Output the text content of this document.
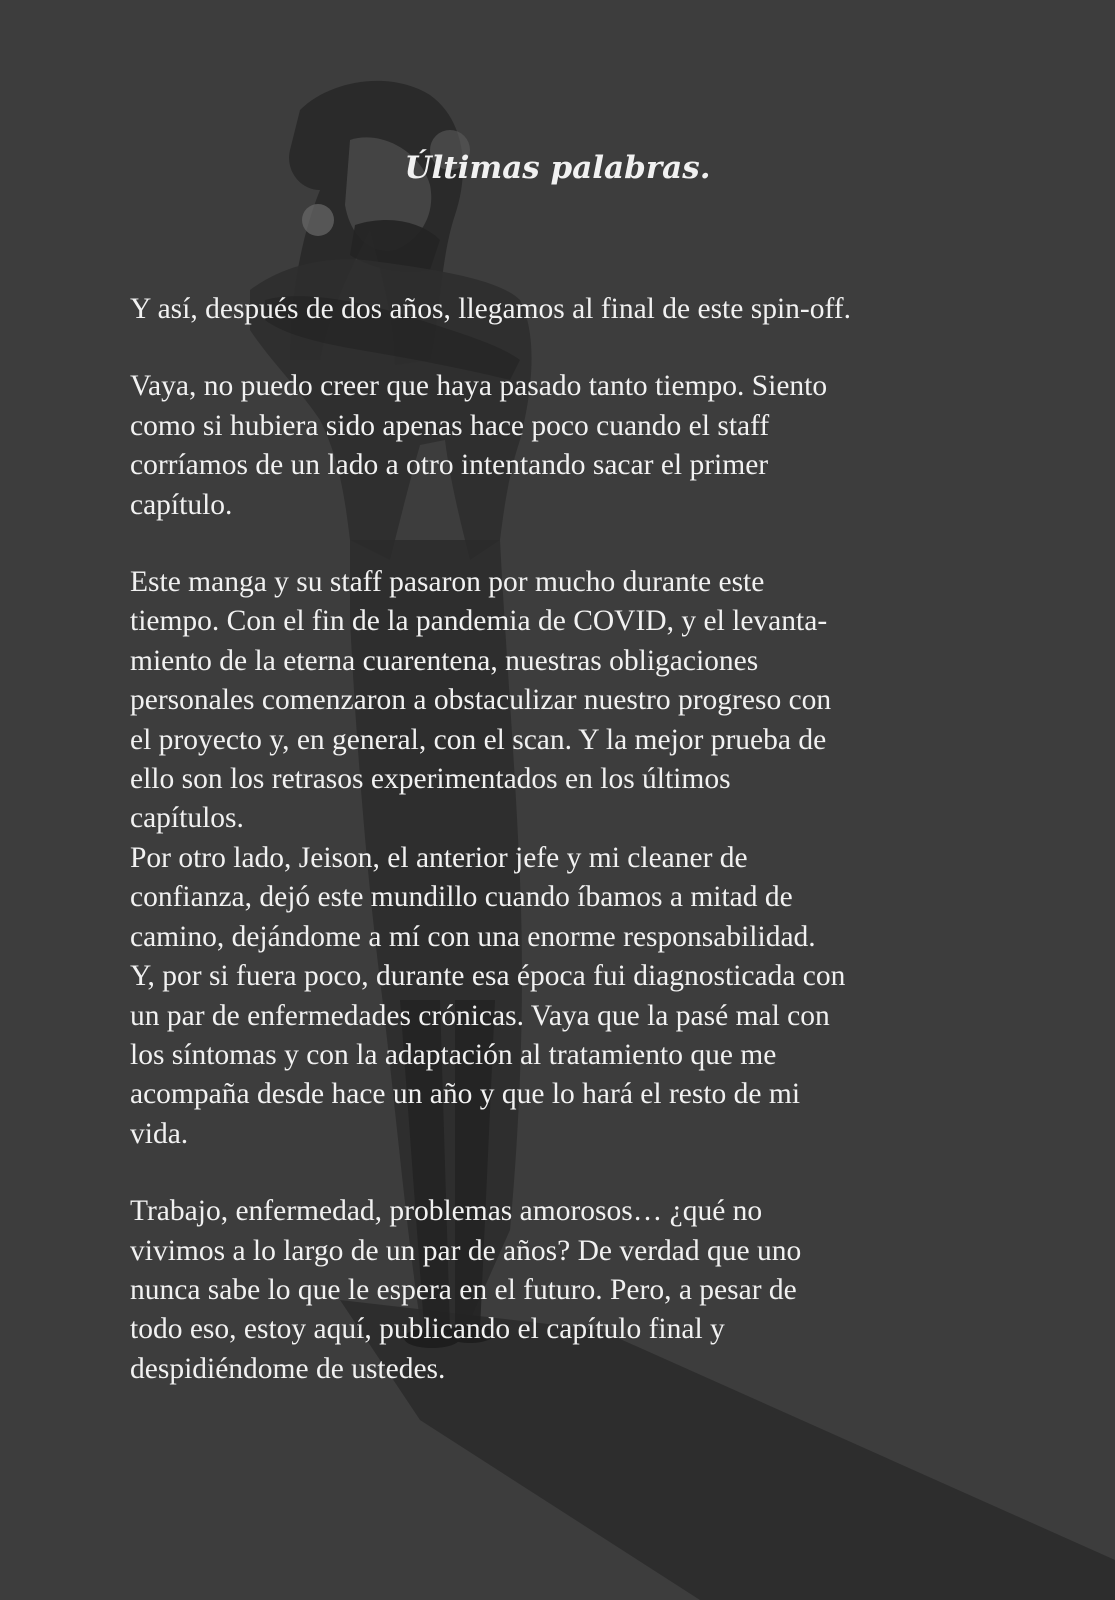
Últimas palabras.

Y así, después de dos años, llegamos al final de este spin-off.

Vaya, no puedo creer que haya pasado tanto tiempo. Siento
como si hubiera sido apenas hace poco cuando el staff
corríamos de un lado a otro intentando sacar el primer
capítulo.

Este manga y su staff pasaron por mucho durante este
tiempo. Con el fin de la pandemia de COVID, y el levanta-
miento de la eterna cuarentena, nuestras obligaciones
personales comenzaron a obstaculizar nuestro progreso con
el proyecto y, en general, con el scan. Y la mejor prueba de
ello son los retrasos experimentados en los últimos
capítulos.

Por otro lado, Jeison, el anterior jefe y mi cleaner de
confianza, dejó este mundillo cuando íbamos a mitad de
camino, dejándome a mí con una enorme responsabilidad.
Y, por si fuera poco, durante esa época fui diagnosticada con
un par de enfermedades crónicas. Vaya que la pasé mal con
los síntomas y con la adaptación al tratamiento que me
acompaña desde hace un año y que lo hará el resto de mi
vida.

Trabajo, enfermedad, problemas amorosos… ¿qué no
vivimos a lo largo de un par de años? De verdad que uno
nunca sabe lo que le espera en el futuro. Pero, a pesar de
todo eso, estoy aquí, publicando el capítulo final y
despidiéndome de ustedes.
